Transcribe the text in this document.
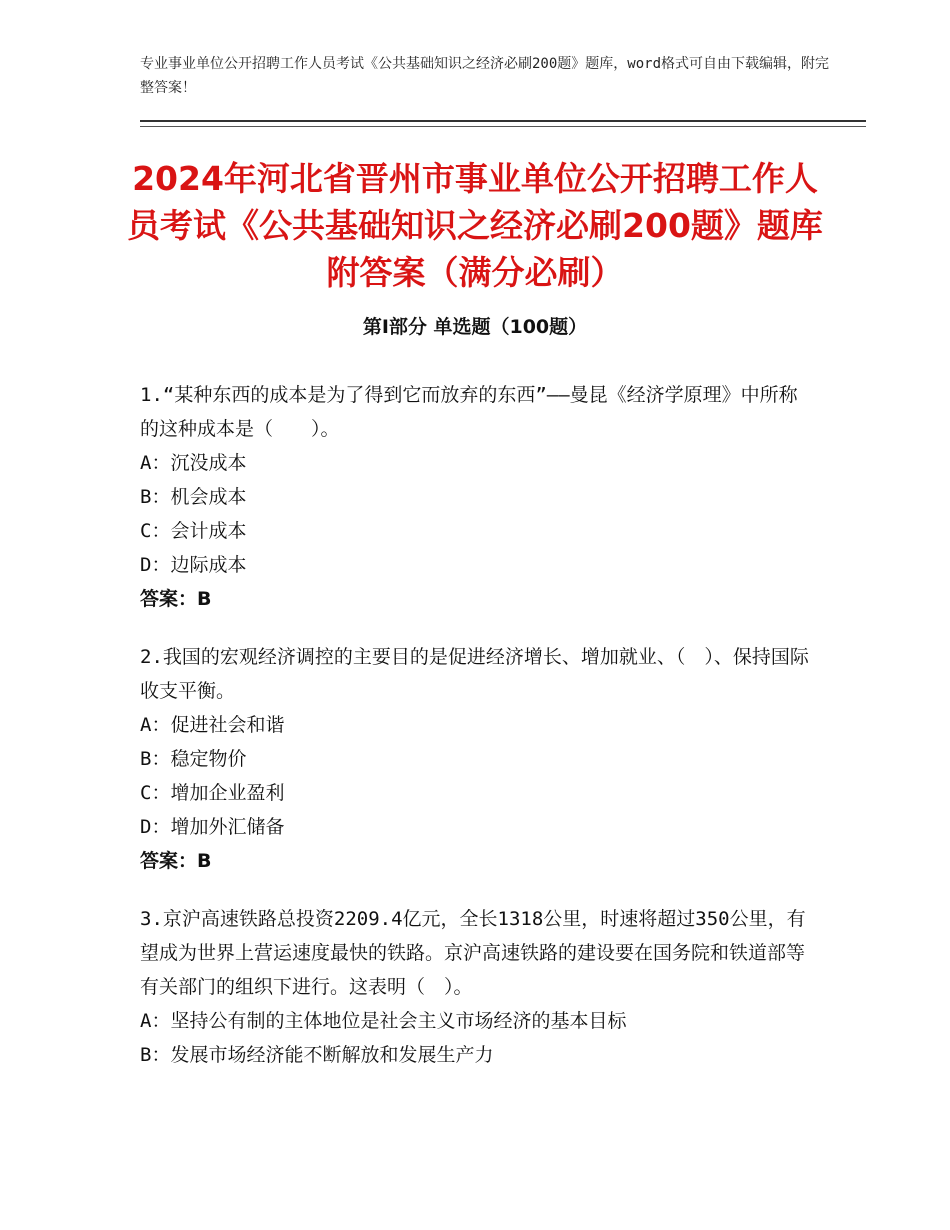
专业事业单位公开招聘工作人员考试《公共基础知识之经济必刷200题》题库，word格式可自由下载编辑，附完整答案！
2024年河北省晋州市事业单位公开招聘工作人员考试《公共基础知识之经济必刷200题》题库附答案（满分必刷）
第I部分 单选题（100题）

1.“某种东西的成本是为了得到它而放弃的东西”——曼昆《经济学原理》中所称的这种成本是（　　）。

A：沉没成本

B：机会成本

C：会计成本

D：边际成本

答案：B

2.我国的宏观经济调控的主要目的是促进经济增长、增加就业、（　）、保持国际收支平衡。

A：促进社会和谐

B：稳定物价

C：增加企业盈利

D：增加外汇储备

答案：B

3.京沪高速铁路总投资2209.4亿元，全长1318公里，时速将超过350公里，有望成为世界上营运速度最快的铁路。京沪高速铁路的建设要在国务院和铁道部等有关部门的组织下进行。这表明（　）。

A：坚持公有制的主体地位是社会主义市场经济的基本目标

B：发展市场经济能不断解放和发展生产力
